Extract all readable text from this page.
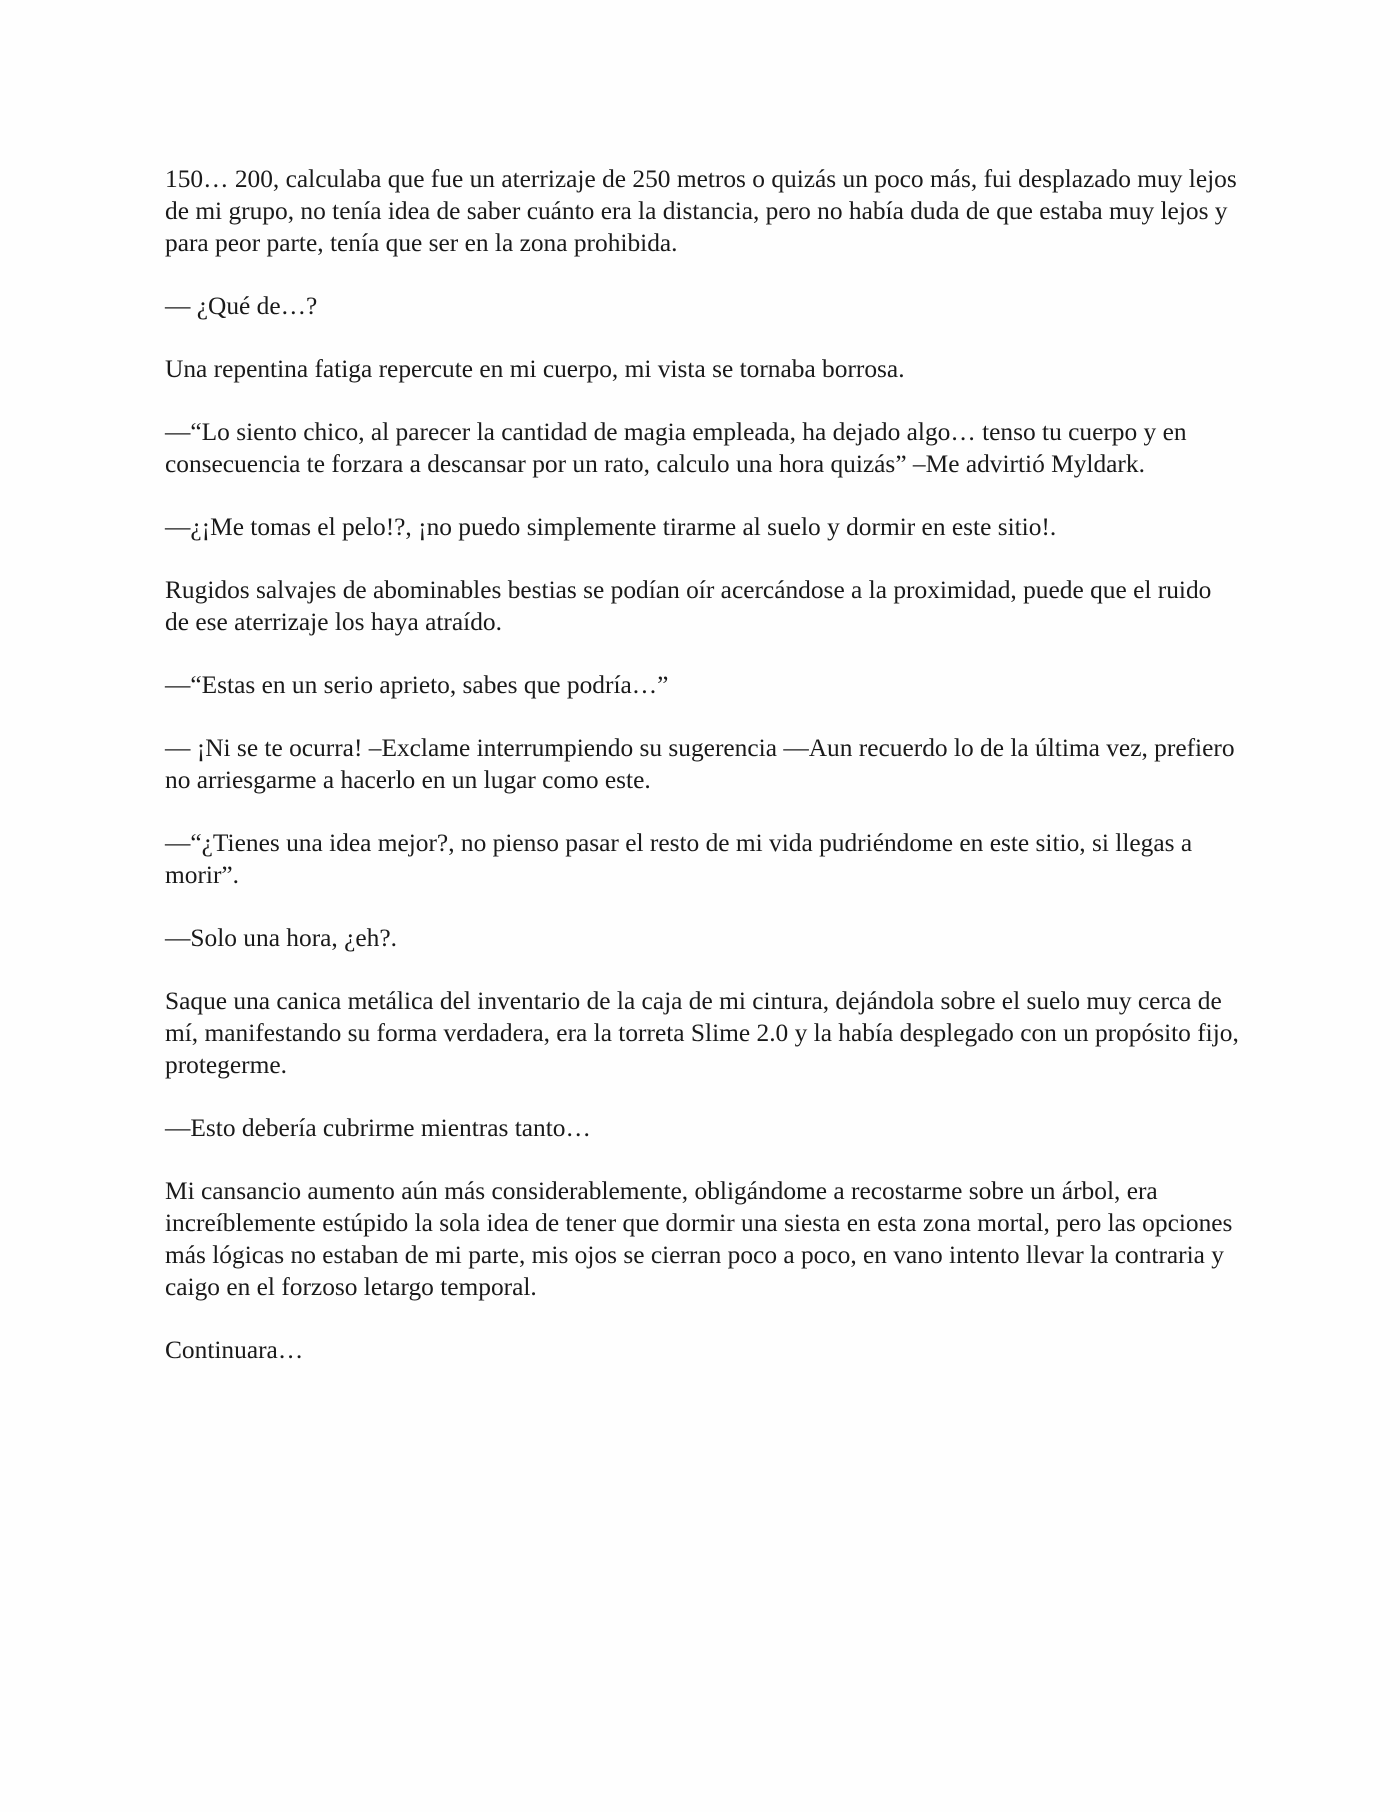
150… 200, calculaba que fue un aterrizaje de 250 metros o quizás un poco más, fui desplazado muy lejos de mi grupo, no tenía idea de saber cuánto era la distancia, pero no había duda de que estaba muy lejos y para peor parte, tenía que ser en la zona prohibida.

— ¿Qué de…?

Una repentina fatiga repercute en mi cuerpo, mi vista se tornaba borrosa.

—“Lo siento chico, al parecer la cantidad de magia empleada, ha dejado algo… tenso tu cuerpo y en consecuencia te forzara a descansar por un rato, calculo una hora quizás” –Me advirtió Myldark.

—¿¡Me tomas el pelo!?, ¡no puedo simplemente tirarme al suelo y dormir en este sitio!.

Rugidos salvajes de abominables bestias se podían oír acercándose a la proximidad, puede que el ruido de ese aterrizaje los haya atraído.

—“Estas en un serio aprieto, sabes que podría…”

— ¡Ni se te ocurra! –Exclame interrumpiendo su sugerencia —Aun recuerdo lo de la última vez, prefiero no arriesgarme a hacerlo en un lugar como este.

—“¿Tienes una idea mejor?, no pienso pasar el resto de mi vida pudriéndome en este sitio, si llegas a morir”.

—Solo una hora, ¿eh?.

Saque una canica metálica del inventario de la caja de mi cintura, dejándola sobre el suelo muy cerca de mí, manifestando su forma verdadera, era la torreta Slime 2.0 y la había desplegado con un propósito fijo, protegerme.

—Esto debería cubrirme mientras tanto…

Mi cansancio aumento aún más considerablemente, obligándome a recostarme sobre un árbol, era increíblemente estúpido la sola idea de tener que dormir una siesta en esta zona mortal, pero las opciones más lógicas no estaban de mi parte, mis ojos se cierran poco a poco, en vano intento llevar la contraria y caigo en el forzoso letargo temporal.

Continuara…
